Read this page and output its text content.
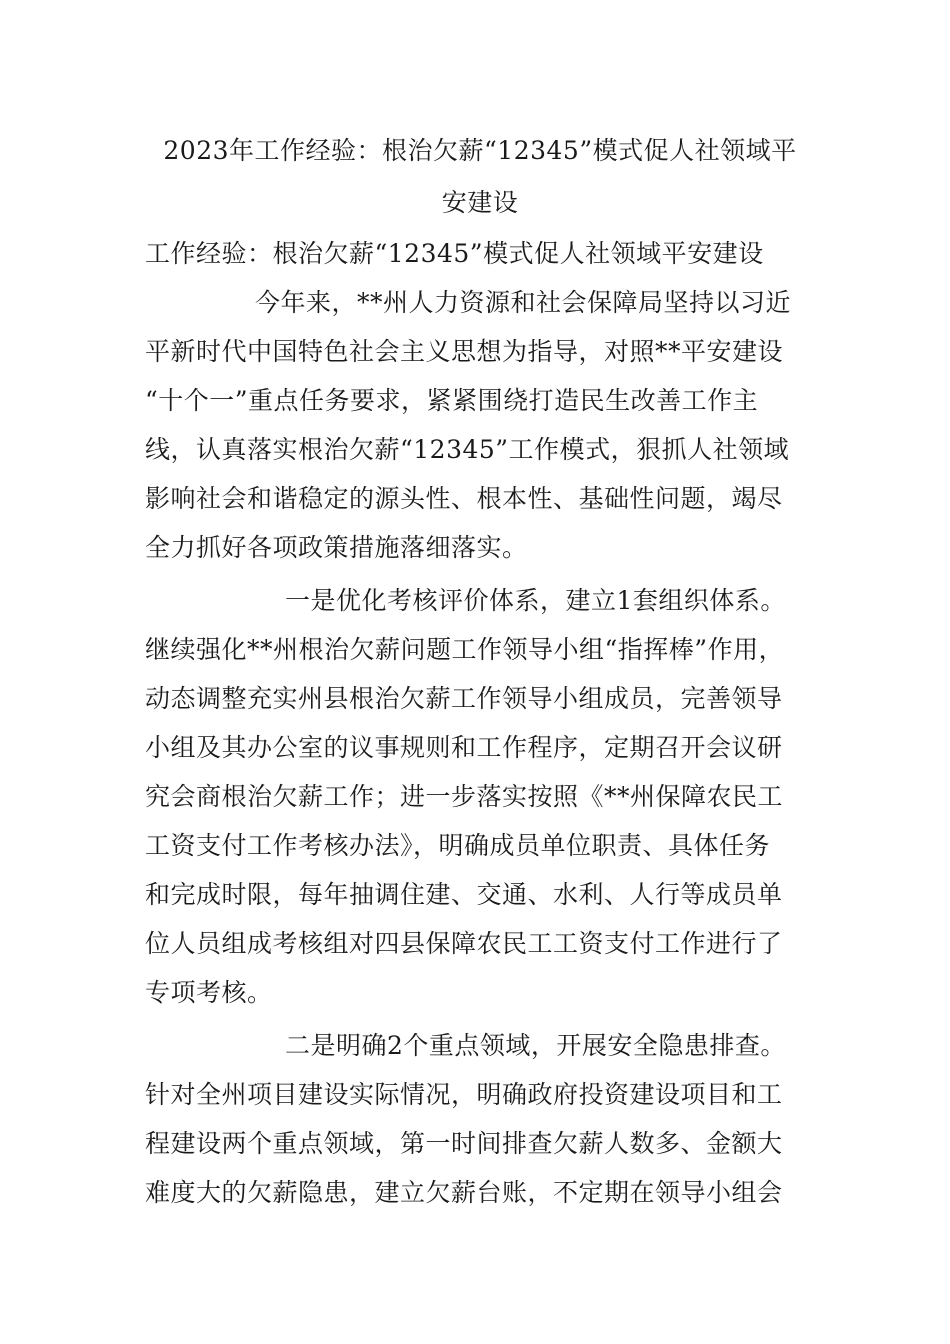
2023年工作经验：根治欠薪“12345”模式促人社领域平
安建设
工作经验：根治欠薪“12345”模式促人社领域平安建设
今年来，**州人力资源和社会保障局坚持以习近
平新时代中国特色社会主义思想为指导，对照**平安建设
“十个一”重点任务要求，紧紧围绕打造民生改善工作主
线，认真落实根治欠薪“12345”工作模式，狠抓人社领域
影响社会和谐稳定的源头性、根本性、基础性问题，竭尽
全力抓好各项政策措施落细落实。
一是优化考核评价体系，建立1套组织体系。
继续强化**州根治欠薪问题工作领导小组“指挥棒”作用，
动态调整充实州县根治欠薪工作领导小组成员，完善领导
小组及其办公室的议事规则和工作程序，定期召开会议研
究会商根治欠薪工作；进一步落实按照《**州保障农民工
工资支付工作考核办法》，明确成员单位职责、具体任务
和完成时限，每年抽调住建、交通、水利、人行等成员单
位人员组成考核组对四县保障农民工工资支付工作进行了
专项考核。
二是明确2个重点领域，开展安全隐患排查。
针对全州项目建设实际情况，明确政府投资建设项目和工
程建设两个重点领域，第一时间排查欠薪人数多、金额大
难度大的欠薪隐患，建立欠薪台账，不定期在领导小组会
